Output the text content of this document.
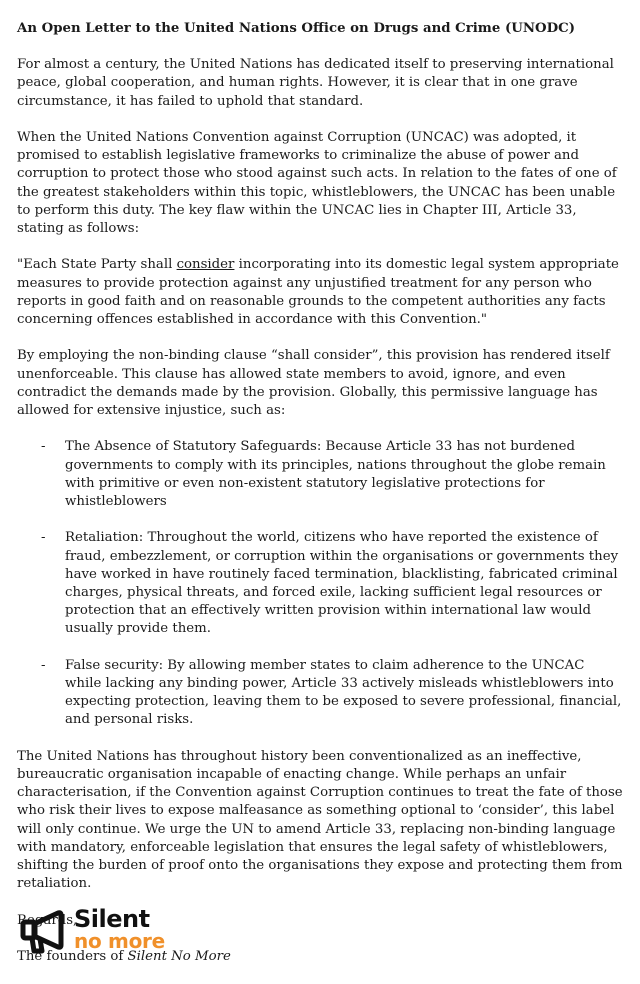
An Open Letter to the United Nations Office on Drugs and Crime (UNODC)

For almost a century, the United Nations has dedicated itself to preserving international peace, global cooperation, and human rights. However, it is clear that in one grave circumstance, it has failed to uphold that standard.

When the United Nations Convention against Corruption (UNCAC) was adopted, it promised to establish legislative frameworks to criminalize the abuse of power and corruption to protect those who stood against such acts. In relation to the fates of one of the greatest stakeholders within this topic, whistleblowers, the UNCAC has been unable to perform this duty. The key flaw within the UNCAC lies in Chapter III, Article 33, stating as follows:

"Each State Party shall consider incorporating into its domestic legal system appropriate measures to provide protection against any unjustified treatment for any person who reports in good faith and on reasonable grounds to the competent authorities any facts concerning offences established in accordance with this Convention."

By employing the non-binding clause “shall consider”, this provision has rendered itself unenforceable. This clause has allowed state members to avoid, ignore, and even contradict the demands made by the provision. Globally, this permissive language has allowed for extensive injustice, such as:

- The Absence of Statutory Safeguards: Because Article 33 has not burdened governments to comply with its principles, nations throughout the globe remain with primitive or even non-existent statutory legislative protections for whistleblowers
- Retaliation: Throughout the world, citizens who have reported the existence of fraud, embezzlement, or corruption within the organisations or governments they have worked in have routinely faced termination, blacklisting, fabricated criminal charges, physical threats, and forced exile, lacking sufficient legal resources or protection that an effectively written provision within international law would usually provide them.
- False security: By allowing member states to claim adherence to the UNCAC while lacking any binding power, Article 33 actively misleads whistleblowers into expecting protection, leaving them to be exposed to severe professional, financial, and personal risks.

The United Nations has throughout history been conventionalized as an ineffective, bureaucratic organisation incapable of enacting change. While perhaps an unfair characterisation, if the Convention against Corruption continues to treat the fate of those who risk their lives to expose malfeasance as something optional to ‘consider’, this label will only continue. We urge the UN to amend Article 33, replacing non-binding language with mandatory, enforceable legislation that ensures the legal safety of whistleblowers, shifting the burden of proof onto the organisations they expose and protecting them from retaliation.

Regards,

The founders of Silent No More

Silent
no more
